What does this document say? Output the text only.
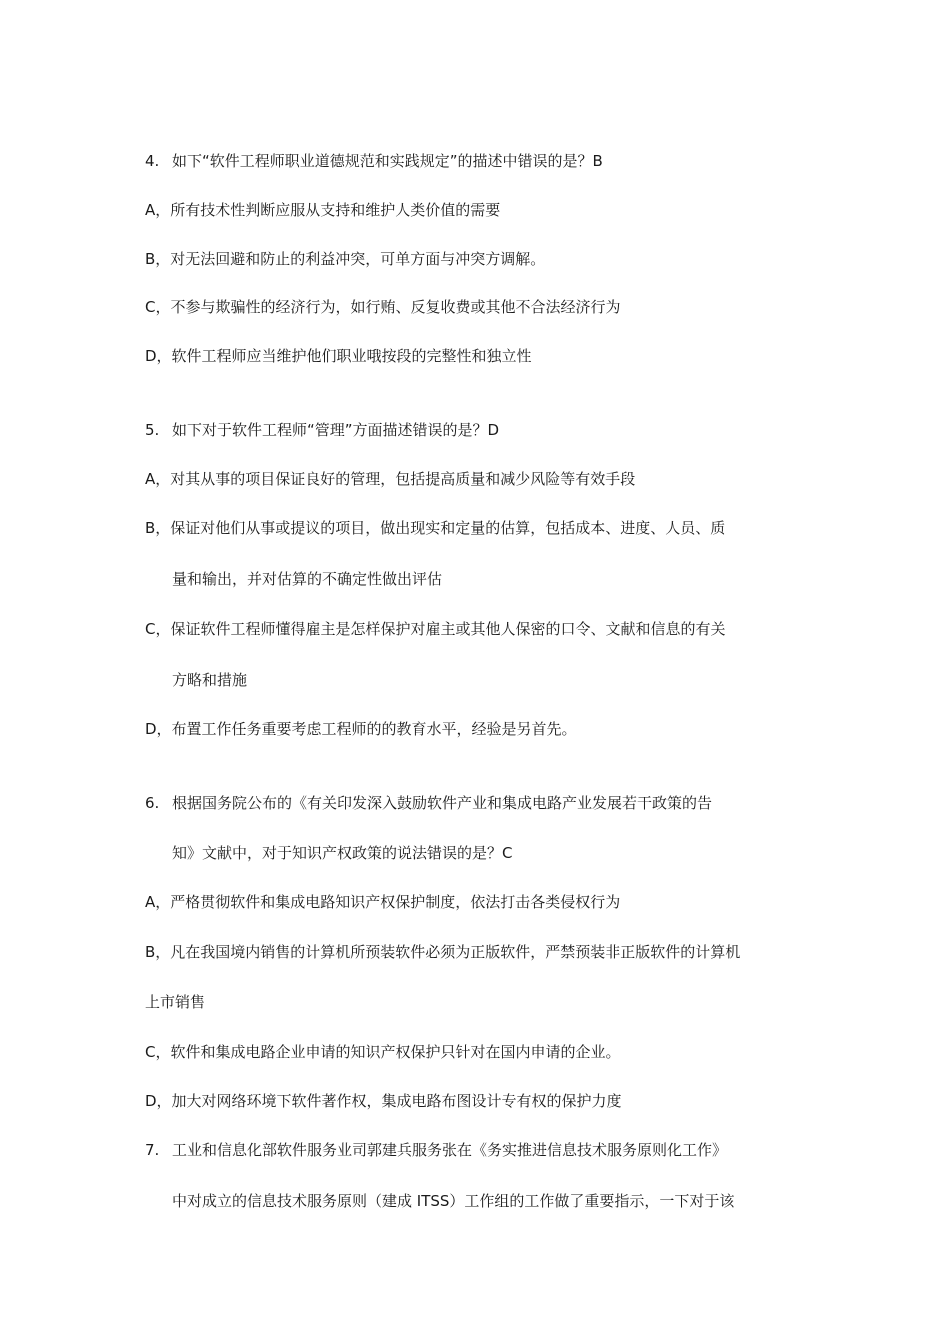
4. 如下“软件工程师职业道德规范和实践规定”的描述中错误的是？B
A，所有技术性判断应服从支持和维护人类价值的需要
B，对无法回避和防止的利益冲突，可单方面与冲突方调解。
C，不参与欺骗性的经济行为，如行贿、反复收费或其他不合法经济行为
D，软件工程师应当维护他们职业哦按段的完整性和独立性
5. 如下对于软件工程师“管理”方面描述错误的是？D
A，对其从事的项目保证良好的管理，包括提高质量和减少风险等有效手段
B，保证对他们从事或提议的项目，做出现实和定量的估算，包括成本、进度、人员、质
量和输出，并对估算的不确定性做出评估
C，保证软件工程师懂得雇主是怎样保护对雇主或其他人保密的口令、文献和信息的有关
方略和措施
D，布置工作任务重要考虑工程师的的教育水平，经验是另首先。
6. 根据国务院公布的《有关印发深入鼓励软件产业和集成电路产业发展若干政策的告
知》文献中，对于知识产权政策的说法错误的是？C
A，严格贯彻软件和集成电路知识产权保护制度，依法打击各类侵权行为
B，凡在我国境内销售的计算机所预装软件必须为正版软件，严禁预装非正版软件的计算机
上市销售
C，软件和集成电路企业申请的知识产权保护只针对在国内申请的企业。
D，加大对网络环境下软件著作权，集成电路布图设计专有权的保护力度
7. 工业和信息化部软件服务业司郭建兵服务张在《务实推进信息技术服务原则化工作》
中对成立的信息技术服务原则（建成 ITSS）工作组的工作做了重要指示，一下对于该
